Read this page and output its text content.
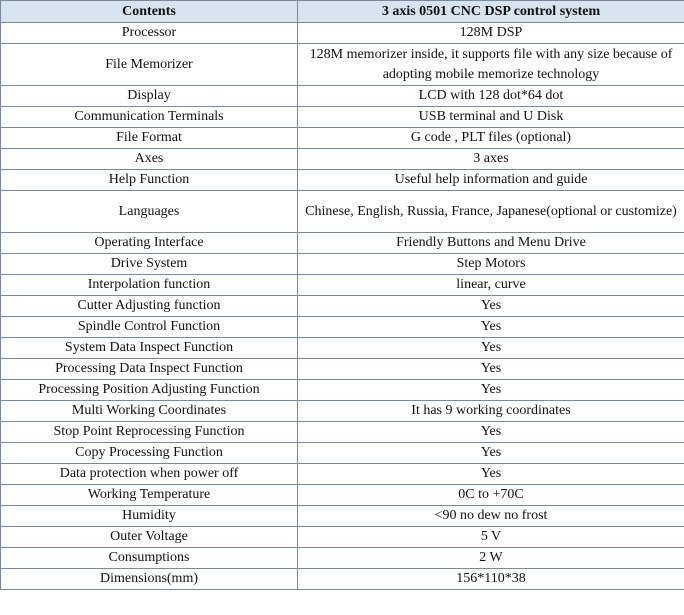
Contents	3 axis 0501 CNC DSP control system
Processor	128M DSP
File Memorizer	128M memorizer inside, it supports file with any size because of adopting mobile memorize technology
Display	LCD with 128 dot*64 dot
Communication Terminals	USB terminal and U Disk
File Format	G code , PLT files (optional)
Axes	3 axes
Help Function	Useful help information and guide
Languages	Chinese, English, Russia, France, Japanese(optional or customize)
Operating Interface	Friendly Buttons and Menu Drive
Drive System	Step Motors
Interpolation function	linear, curve
Cutter Adjusting function	Yes
Spindle Control Function	Yes
System Data Inspect Function	Yes
Processing Data Inspect Function	Yes
Processing Position Adjusting Function	Yes
Multi Working Coordinates	It has 9 working coordinates
Stop Point Reprocessing Function	Yes
Copy Processing Function	Yes
Data protection when power off	Yes
Working Temperature	0C to +70C
Humidity	<90 no dew no frost
Outer Voltage	5 V
Consumptions	2 W
Dimensions(mm)	156*110*38
